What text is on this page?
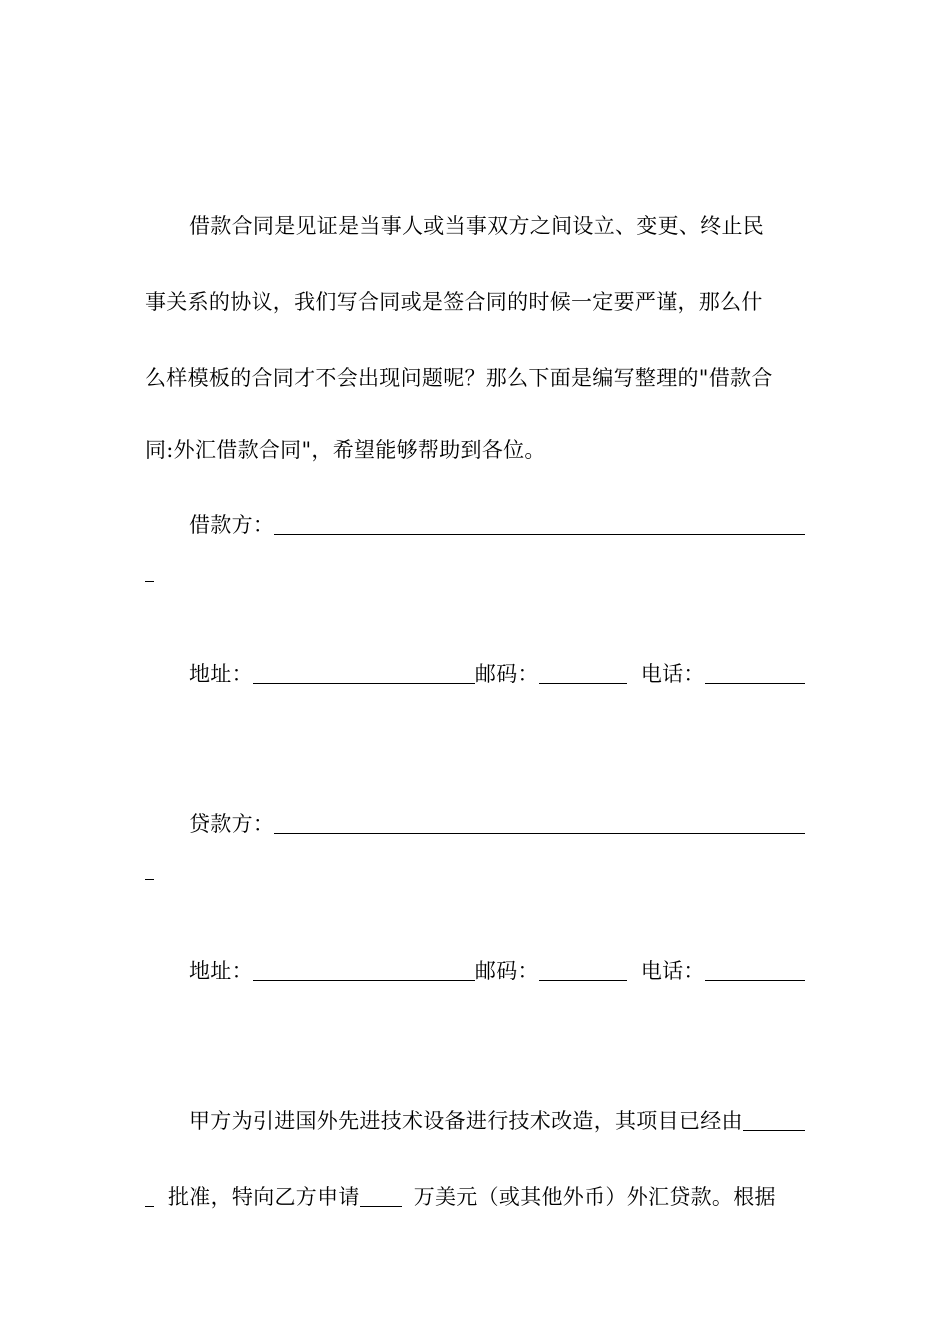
借款合同是见证是当事人或当事双方之间设立、变更、终止民
事关系的协议，我们写合同或是签合同的时候一定要严谨，那么什
么样模板的合同才不会出现问题呢？那么下面是编写整理的"借款合
同:外汇借款合同"，希望能够帮助到各位。
借款方：
地址：	邮码：	电话：
贷款方：
地址：	邮码：	电话：
甲方为引进国外先进技术设备进行技术改造，其项目已经由
批准，特向乙方申请	万美元（或其他外币）外汇贷款。根据
